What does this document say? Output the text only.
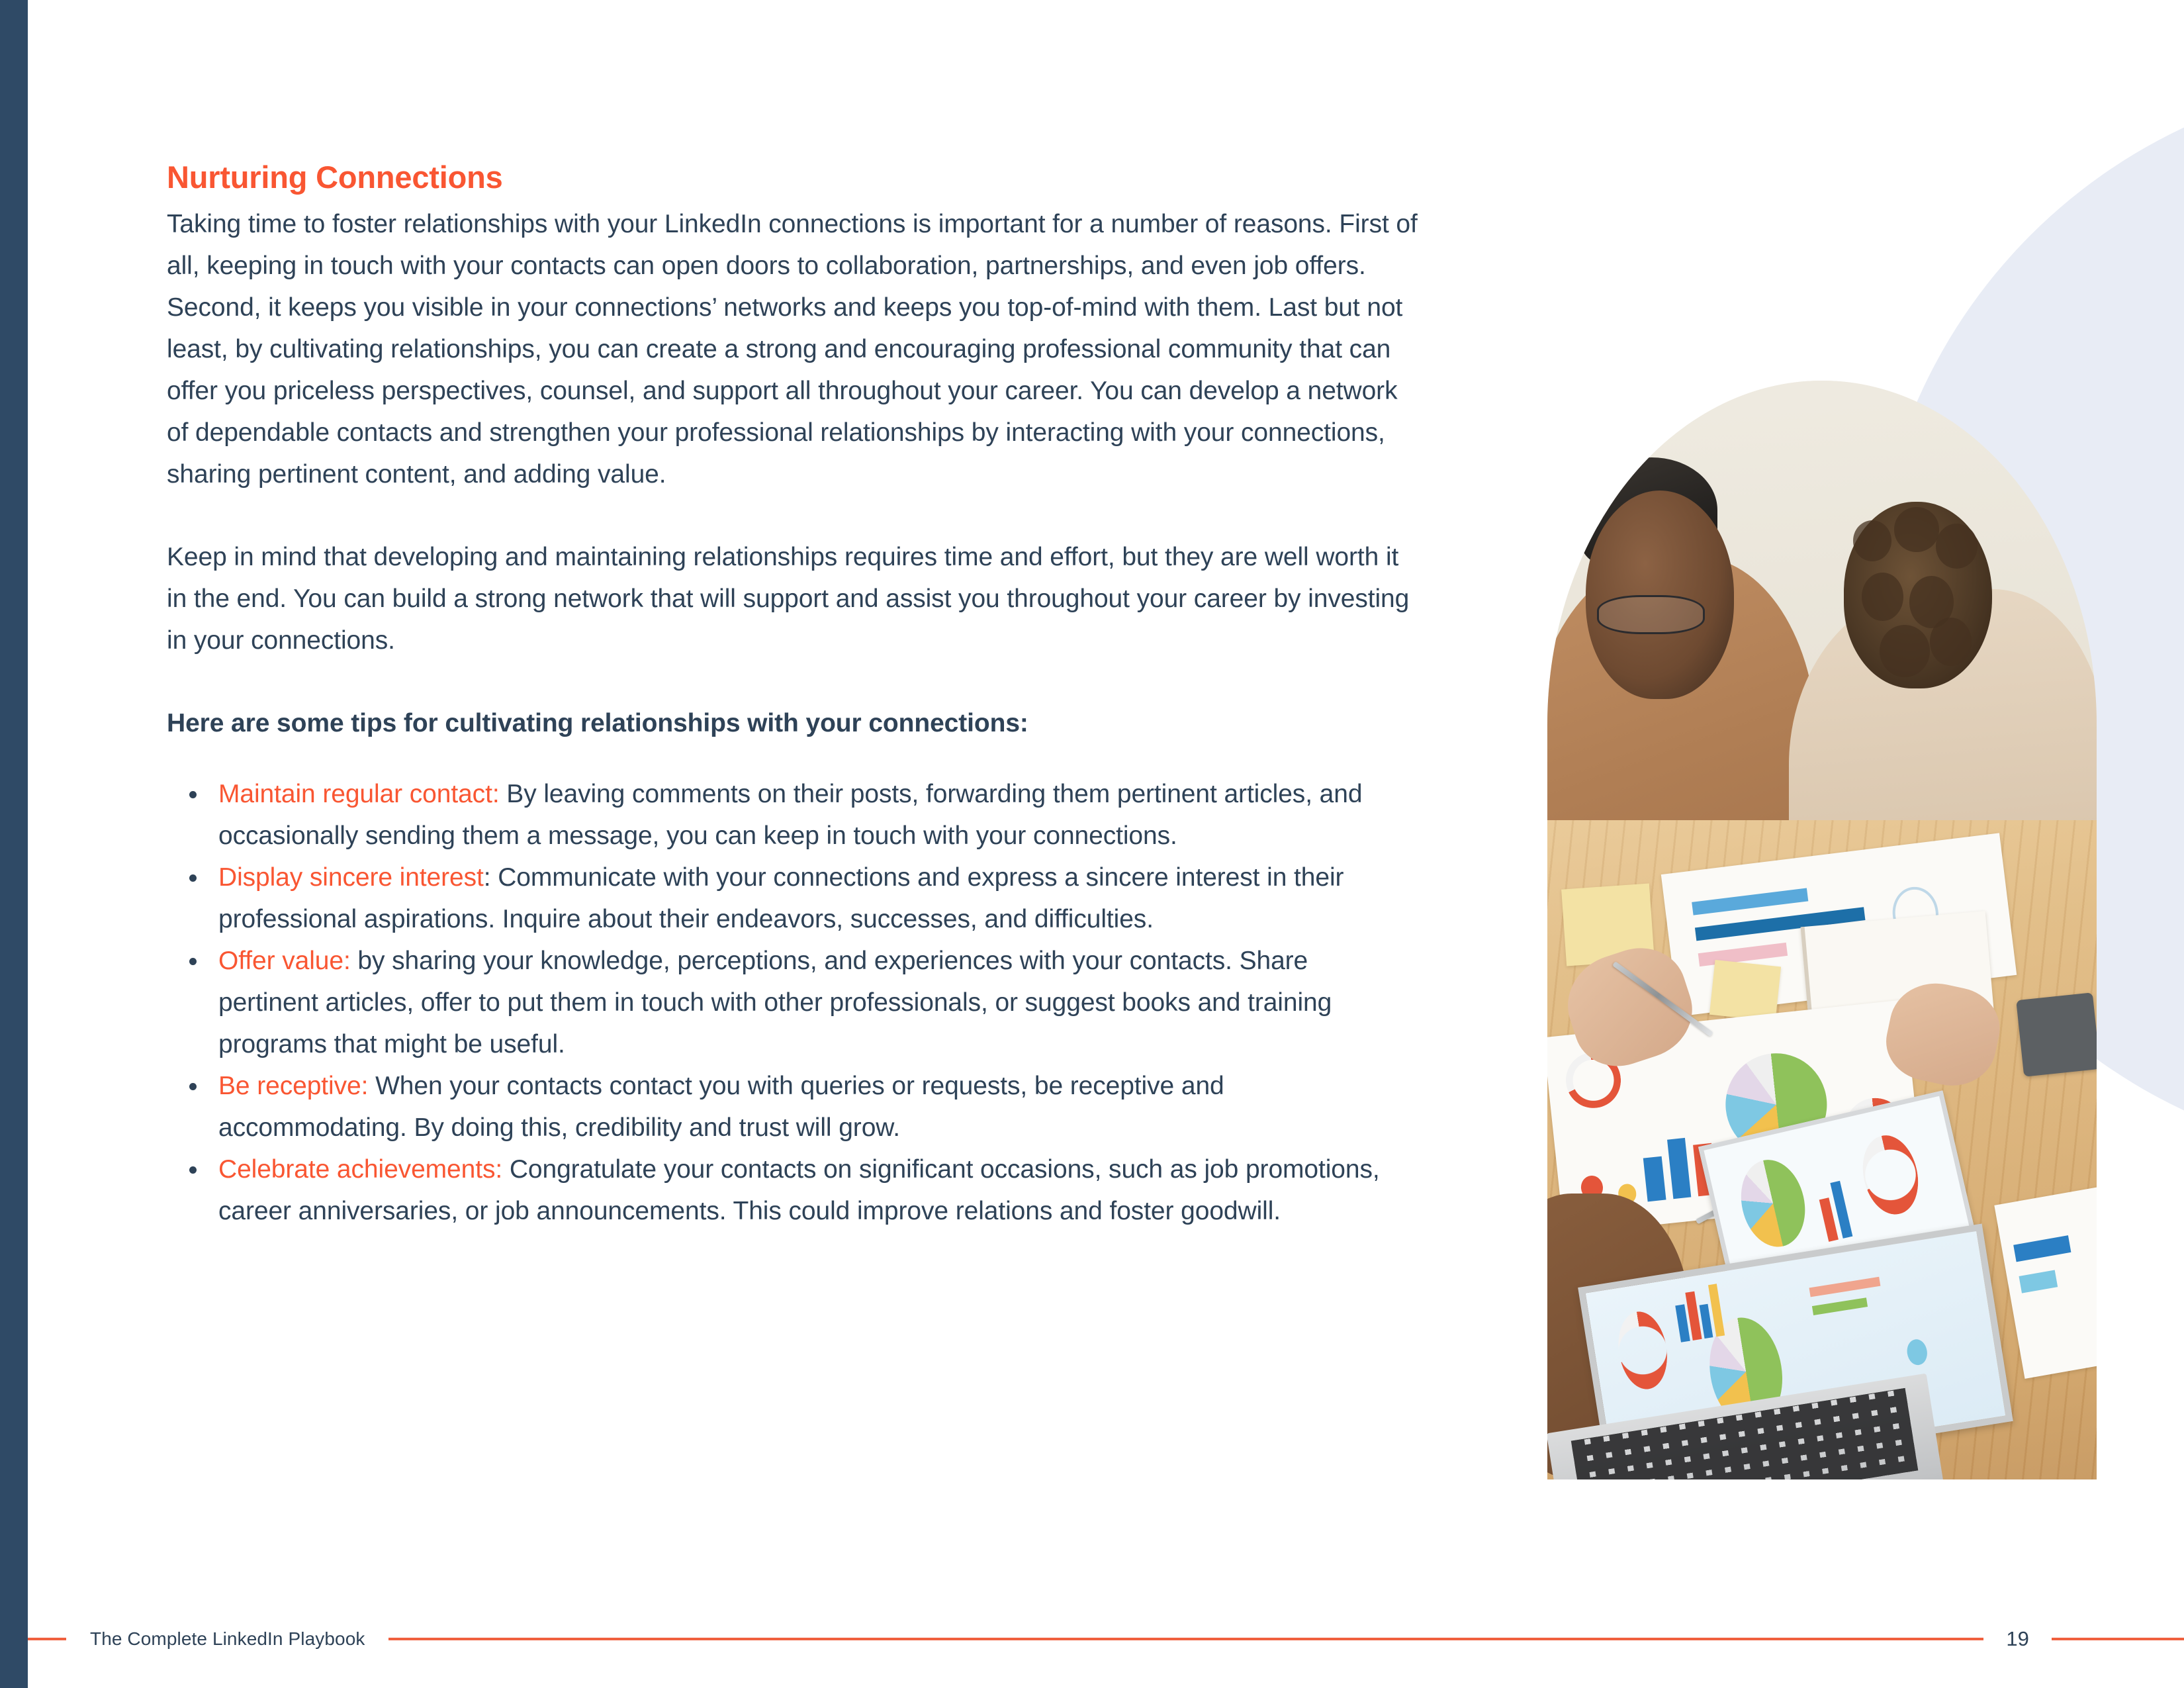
Nurturing Connections

Taking time to foster relationships with your LinkedIn connections is important for a number of reasons. First of all, keeping in touch with your contacts can open doors to collaboration, partnerships, and even job offers. Second, it keeps you visible in your connections’ networks and keeps you top-of-mind with them. Last but not least, by cultivating relationships, you can create a strong and encouraging professional community that can offer you priceless perspectives, counsel, and support all throughout your career. You can develop a network of dependable contacts and strengthen your professional relationships by interacting with your connections, sharing pertinent content, and adding value.

Keep in mind that developing and maintaining relationships requires time and effort, but they are well worth it in the end. You can build a strong network that will support and assist you throughout your career by investing in your connections.

Here are some tips for cultivating relationships with your connections:

Maintain regular contact: By leaving comments on their posts, forwarding them pertinent articles, and occasionally sending them a message, you can keep in touch with your connections.
Display sincere interest: Communicate with your connections and express a sincere interest in their professional aspirations. Inquire about their endeavors, successes, and difficulties.
Offer value: by sharing your knowledge, perceptions, and experiences with your contacts. Share pertinent articles, offer to put them in touch with other professionals, or suggest books and training programs that might be useful.
Be receptive: When your contacts contact you with queries or requests, be receptive and accommodating. By doing this, credibility and trust will grow.
Celebrate achievements: Congratulate your contacts on significant occasions, such as job promotions, career anniversaries, or job announcements. This could improve relations and foster goodwill.
The Complete LinkedIn Playbook	19
